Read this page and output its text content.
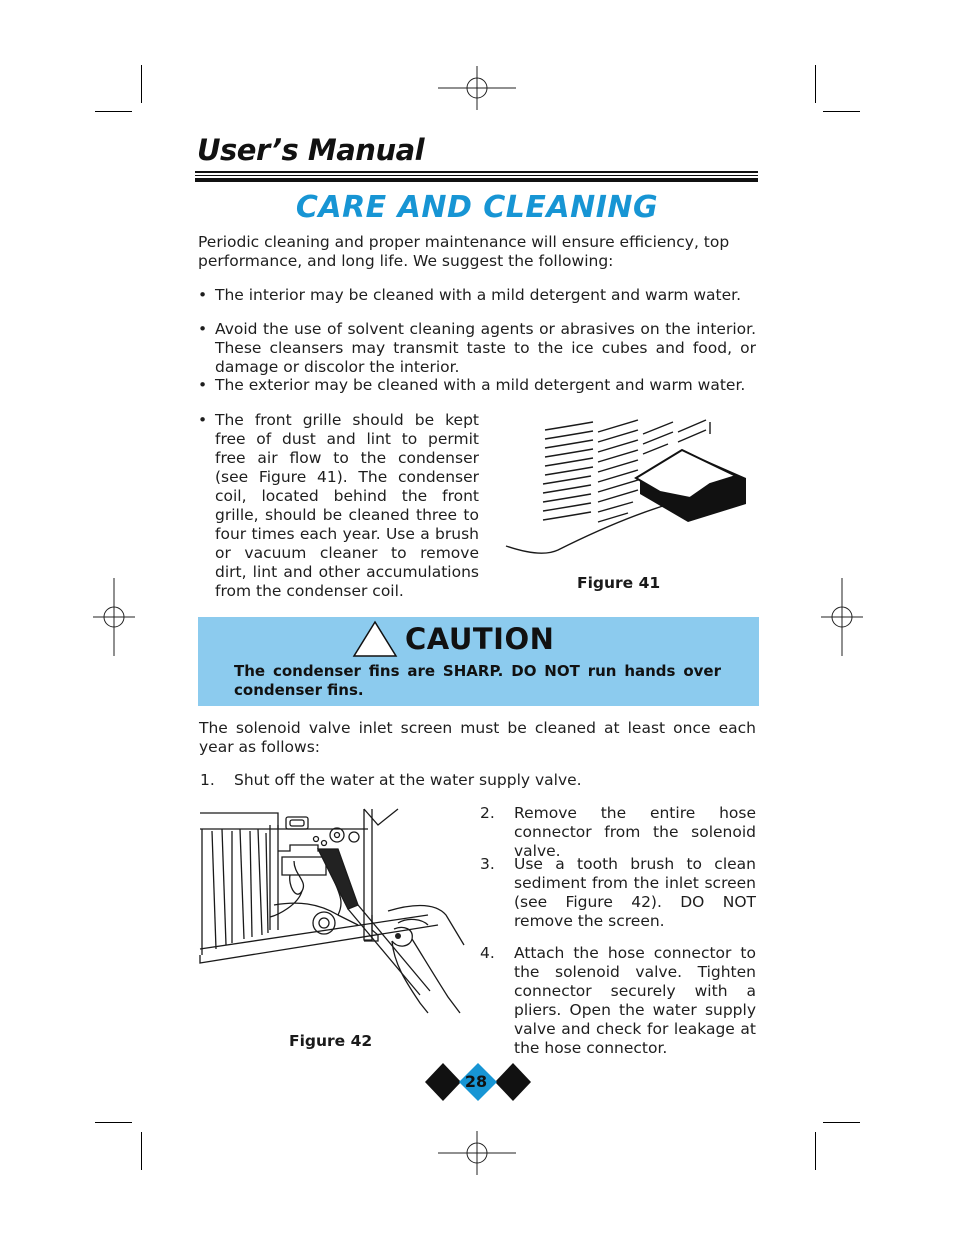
User’s Manual
CARE AND CLEANING
Periodic cleaning and proper maintenance will ensure efficiency, top performance, and long life. We suggest the following:
• The interior may be cleaned with a mild detergent and warm water.
• Avoid the use of solvent cleaning agents or abrasives on the interior. These cleansers may transmit taste to the ice cubes and food, or damage or discolor the interior.
• The exterior may be cleaned with a mild detergent and warm water.
• The front grille should be kept free of dust and lint to permit free air flow to the condenser (see Figure 41). The condenser coil, located behind the front grille, should be cleaned three to four times each year. Use a brush or vacuum cleaner to remove dirt, lint and other accumulations from the condenser coil.	Figure 41
CAUTION
The condenser fins are SHARP. DO NOT run hands over condenser fins.
The solenoid valve inlet screen must be cleaned at least once each year as follows:
1. Shut off the water at the water supply valve.
2. Remove the entire hose connector from the solenoid valve.
3. Use a tooth brush to clean sediment from the inlet screen (see Figure 42). DO NOT remove the screen.
4. Attach the hose connector to the solenoid valve. Tighten connector securely with a pliers. Open the water supply valve and check for leakage at the hose connector.
Figure 42
28
